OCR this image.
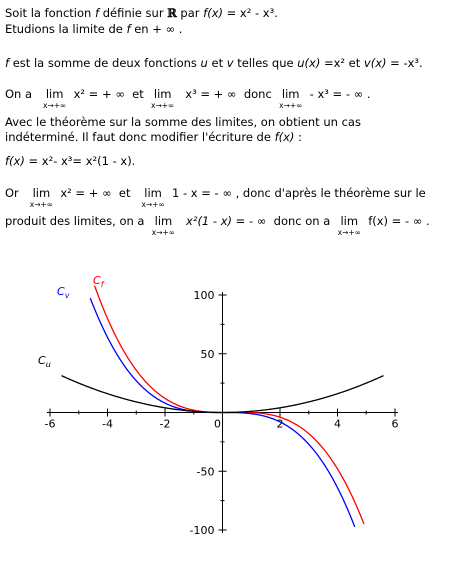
Soit la fonction f définie sur ℝ par f(x) = x² - x³.
Etudions la limite de f en + ∞ .
f est la somme de deux fonctions u et v telles que u(x) =x² et v(x) = -x³.
On a lim
x→+∞
x² = + ∞ et lim
x→+∞
x³ = + ∞ donc lim
x→+∞
- x³ = - ∞ .
Avec le théorème sur la somme des limites, on obtient un cas
indéterminé. Il faut donc modifier l'écriture de f(x) :
f(x) = x²- x³= x²(1 - x).
Or lim
x→+∞
x² = + ∞ et lim
x→+∞
1 - x = - ∞ , donc d'après le théorème sur le
produit des limites, on a lim
x→+∞
x²(1 - x) = - ∞ donc on a lim
x→+∞
f(x) = - ∞ .
-6	-4	-2	0	2	4	6
100
50
-50
-100
$C_v$
$C_f$
$C_u$
